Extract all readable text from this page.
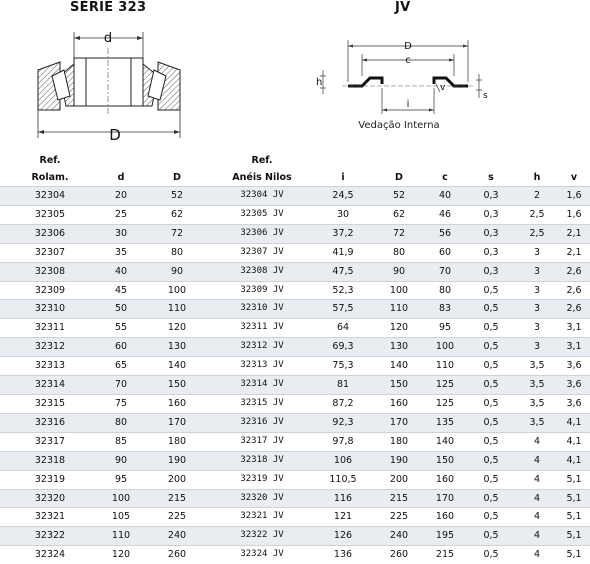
SÉRIE 323	JV
d
D
D
c
h	v
s
i
Vedação Interna
Ref.			Ref.						
Rolam.	d	D	Anéis Nilos	i	D	c	s	h	v
32304	20	52	32304 JV	24,5	52	40	0,3	2	1,6
32305	25	62	32305 JV	30	62	46	0,3	2,5	1,6
32306	30	72	32306 JV	37,2	72	56	0,3	2,5	2,1
32307	35	80	32307 JV	41,9	80	60	0,3	3	2,1
32308	40	90	32308 JV	47,5	90	70	0,3	3	2,6
32309	45	100	32309 JV	52,3	100	80	0,5	3	2,6
32310	50	110	32310 JV	57,5	110	83	0,5	3	2,6
32311	55	120	32311 JV	64	120	95	0,5	3	3,1
32312	60	130	32312 JV	69,3	130	100	0,5	3	3,1
32313	65	140	32313 JV	75,3	140	110	0,5	3,5	3,6
32314	70	150	32314 JV	81	150	125	0,5	3,5	3,6
32315	75	160	32315 JV	87,2	160	125	0,5	3,5	3,6
32316	80	170	32316 JV	92,3	170	135	0,5	3,5	4,1
32317	85	180	32317 JV	97,8	180	140	0,5	4	4,1
32318	90	190	32318 JV	106	190	150	0,5	4	4,1
32319	95	200	32319 JV	110,5	200	160	0,5	4	5,1
32320	100	215	32320 JV	116	215	170	0,5	4	5,1
32321	105	225	32321 JV	121	225	160	0,5	4	5,1
32322	110	240	32322 JV	126	240	195	0,5	4	5,1
32324	120	260	32324 JV	136	260	215	0,5	4	5,1
